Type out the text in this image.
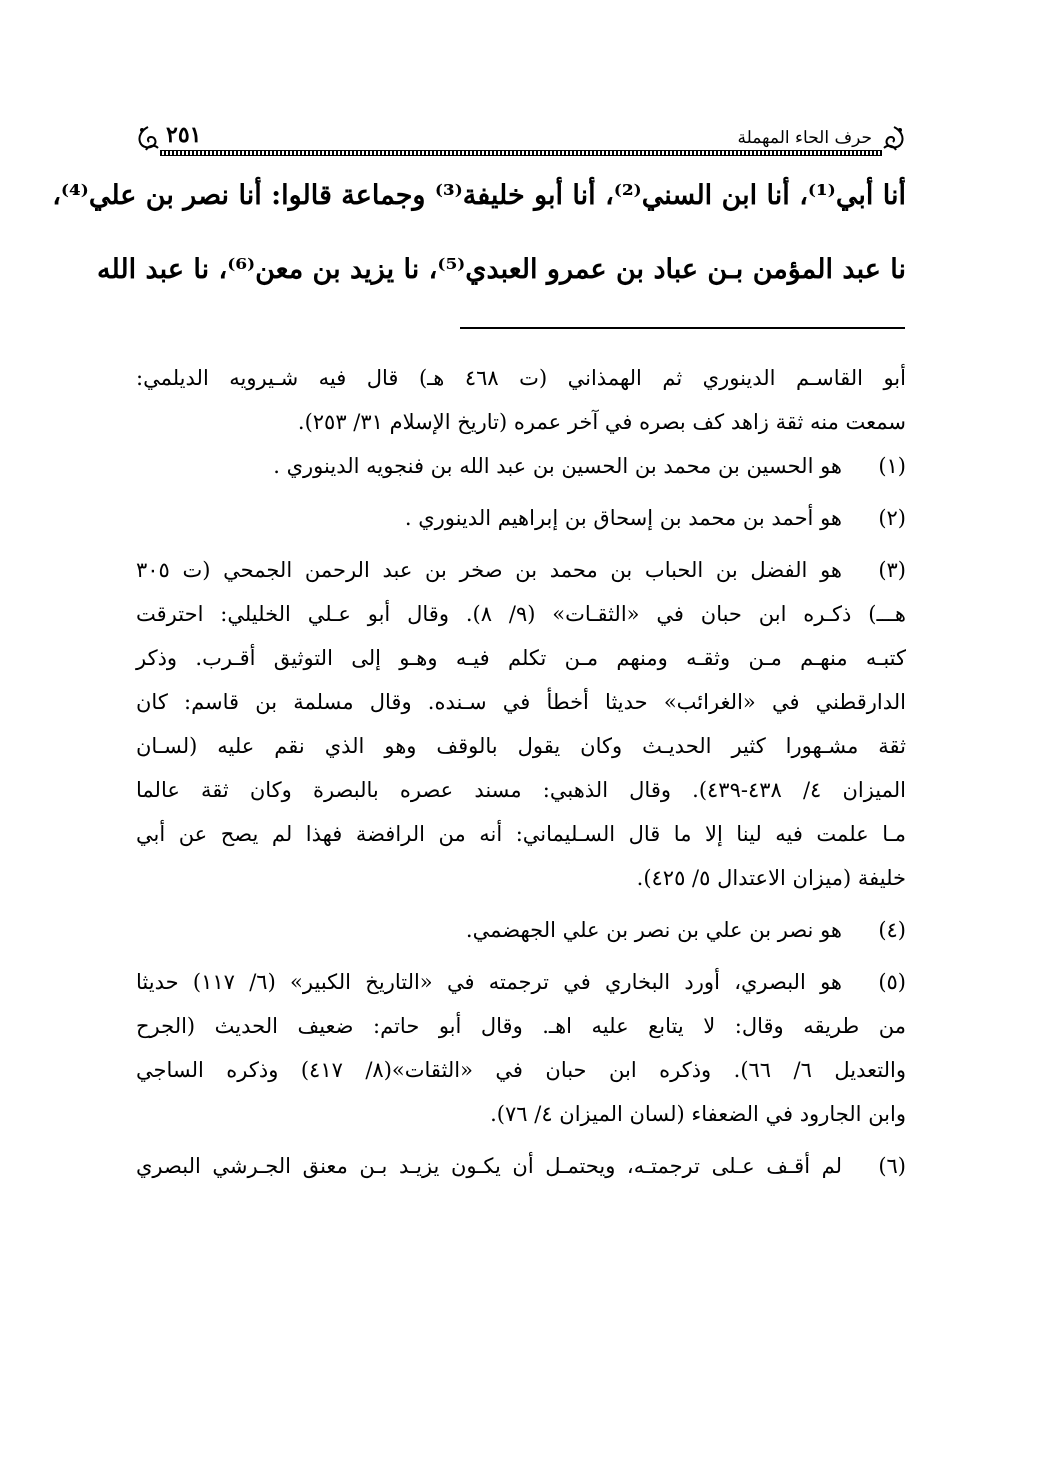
حرف الحاء المهملة
٢٥١
أنا أبي⁽¹⁾، أنا ابن السني⁽²⁾، أنا أبو خليفة⁽³⁾ وجماعة قالوا: أنا نصر بن علي⁽⁴⁾،
نا عبد المؤمن بـن عباد بن عمرو العبدي⁽⁵⁾، نا يزيد بن معن⁽⁶⁾، نا عبد الله
أبو القاسـم الدينوري ثم الهمذاني (ت ٤٦٨ هـ) قال فيه شـيرويه الديلمي:
سمعت منه ثقة زاهد كف بصره في آخر عمره (تاريخ الإسلام ٣١/ ٢٥٣).
(١)
هو الحسين بن محمد بن الحسين بن عبد الله بن فنجويه الدينوري .
(٢)
هو أحمد بن محمد بن إسحاق بن إبراهيم الدينوري .
(٣)
هو الفضل بن الحباب بن محمد بن صخر بن عبد الرحمن الجمحي (ت ٣٠٥
هـــ) ذكـره ابن حبان في «الثقـات» (٩/ ٨). وقال أبو عـلي الخليلي: احترقت
كتبـه منهـم مـن وثقـه ومنهم مـن تكلم فيـه وهـو إلى التوثيق أقـرب. وذكر
الدارقطني في «الغرائب» حديثا أخطأ في سـنده. وقال مسلمة بن قاسم: كان
ثقة مشـهورا كثير الحديـث وكان يقول بالوقف وهو الذي نقم عليه (لسـان
الميزان ٤/ ٤٣٨-٤٣٩). وقال الذهبي: مسند عصره بالبصرة وكان ثقة عالما
مـا علمت فيه لينا إلا ما قال السـليماني: أنه من الرافضة فهذا لم يصح عن أبي
خليفة (ميزان الاعتدال ٥/ ٤٢٥).
(٤)
هو نصر بن علي بن نصر بن علي الجهضمي.
(٥)
هو البصري، أورد البخاري في ترجمته في «التاريخ الكبير» (٦/ ١١٧) حديثا
من طريقه وقال: لا يتابع عليه اهـ. وقال أبو حاتم: ضعيف الحديث (الجرح
والتعديل ٦/ ٦٦). وذكره ابن حبان في «الثقات»(٨/ ٤١٧) وذكره الساجي
وابن الجارود في الضعفاء (لسان الميزان ٤/ ٧٦).
(٦)
لم أقـف عـلى ترجمتـه، ويحتمـل أن يكـون يزيـد بـن معنق الجـرشي البصري
